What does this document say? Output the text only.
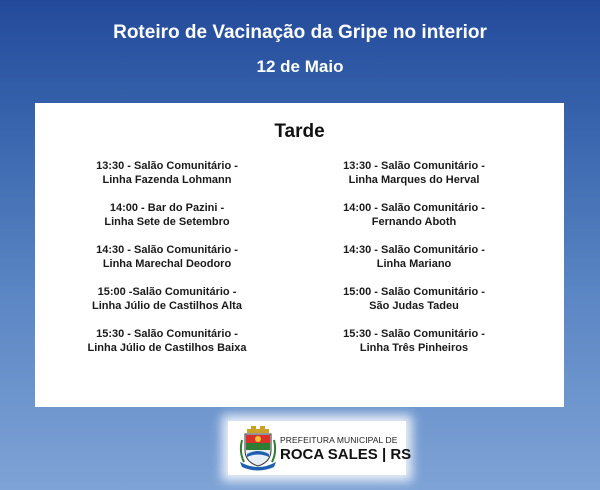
Roteiro de Vacinação da Gripe no interior
12 de Maio
Tarde
13:30 - Salão Comunitário -
Linha Fazenda Lohmann
14:00 - Bar do Pazini -
Linha Sete de Setembro
14:30 - Salão Comunitário -
Linha Marechal Deodoro
15:00 -Salão Comunitário -
Linha Júlio de Castilhos Alta
15:30 - Salão Comunitário -
Linha Júlio de Castilhos Baixa
13:30 - Salão Comunitário -
Linha Marques do Herval
14:00 - Salão Comunitário -
Fernando Aboth
14:30 - Salão Comunitário -
Linha Mariano
15:00 - Salão Comunitário -
São Judas Tadeu
15:30 - Salão Comunitário -
Linha Três Pinheiros
PREFEITURA MUNICIPAL DE
ROCA SALES | RS
